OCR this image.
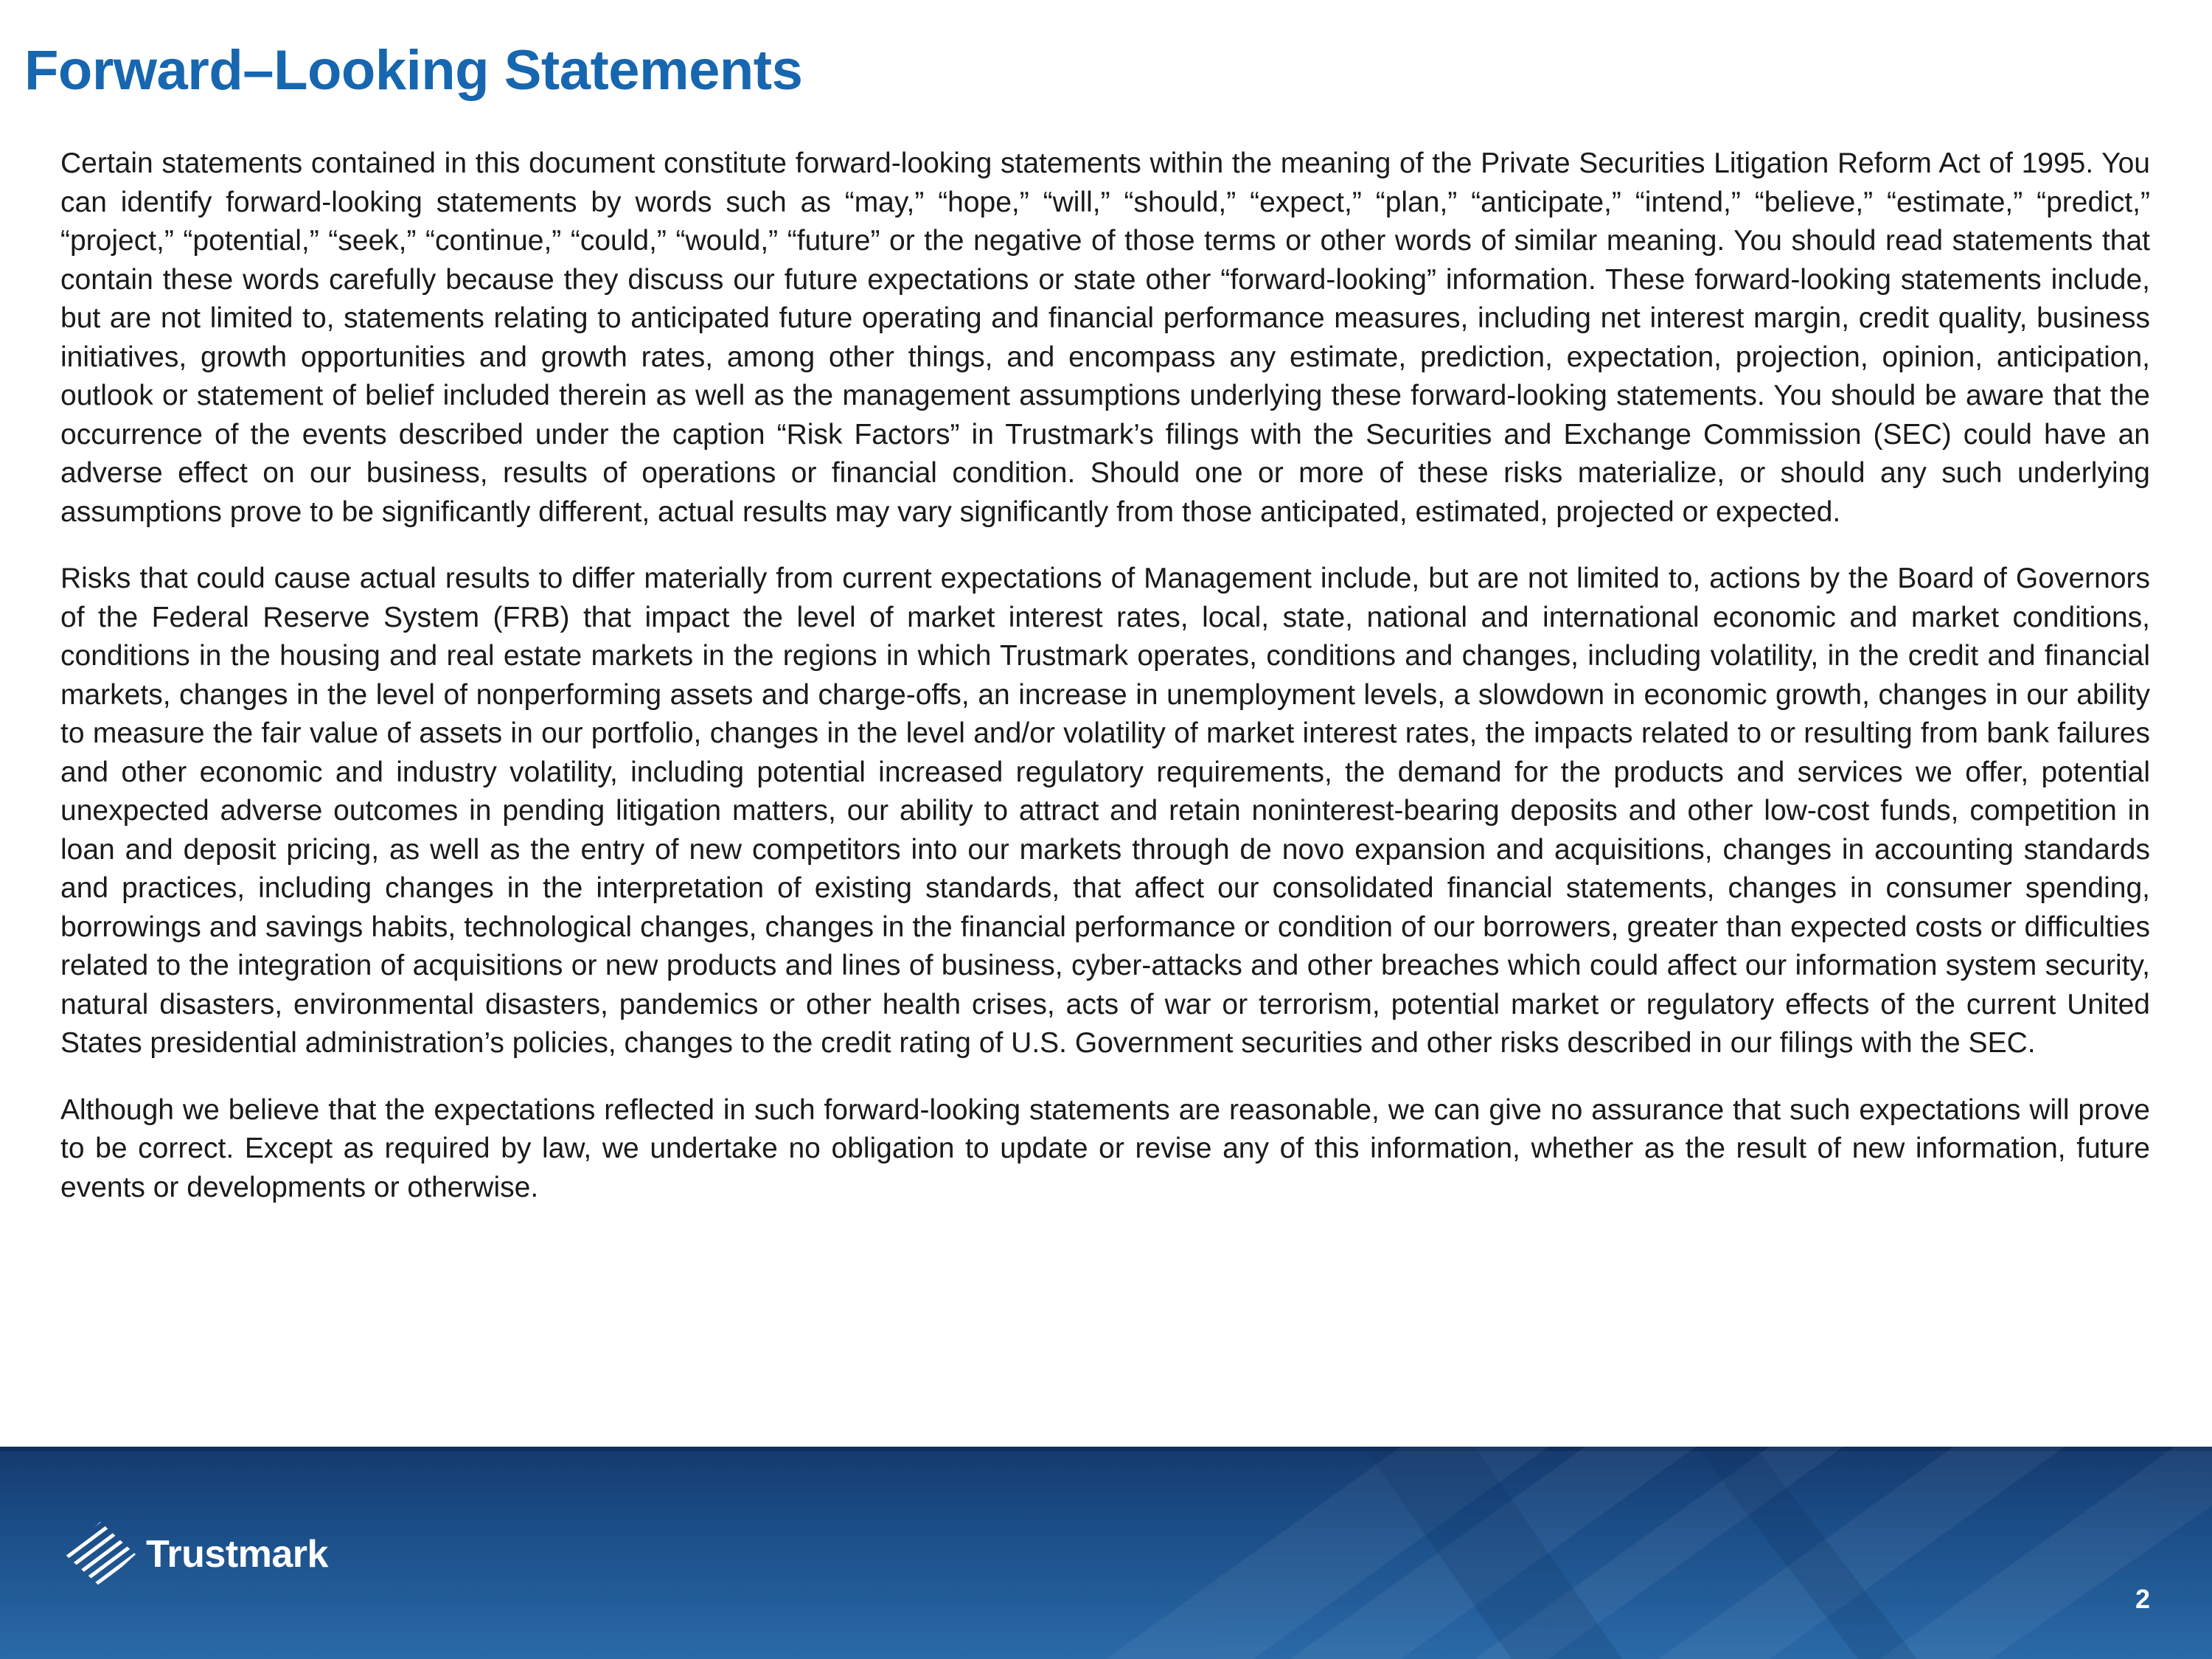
Forward–Looking Statements

Certain statements contained in this document constitute forward-looking statements within the meaning of the Private Securities Litigation Reform Act of 1995. You can identify forward-looking statements by words such as “may,” “hope,” “will,” “should,” “expect,” “plan,” “anticipate,” “intend,” “believe,” “estimate,” “predict,” “project,” “potential,” “seek,” “continue,” “could,” “would,” “future” or the negative of those terms or other words of similar meaning. You should read statements that contain these words carefully because they discuss our future expectations or state other “forward-looking” information. These forward-looking statements include, but are not limited to, statements relating to anticipated future operating and financial performance measures, including net interest margin, credit quality, business initiatives, growth opportunities and growth rates, among other things, and encompass any estimate, prediction, expectation, projection, opinion, anticipation, outlook or statement of belief included therein as well as the management assumptions underlying these forward-looking statements. You should be aware that the occurrence of the events described under the caption “Risk Factors” in Trustmark’s filings with the Securities and Exchange Commission (SEC) could have an adverse effect on our business, results of operations or financial condition. Should one or more of these risks materialize, or should any such underlying assumptions prove to be significantly different, actual results may vary significantly from those anticipated, estimated, projected or expected.

Risks that could cause actual results to differ materially from current expectations of Management include, but are not limited to, actions by the Board of Governors of the Federal Reserve System (FRB) that impact the level of market interest rates, local, state, national and international economic and market conditions, conditions in the housing and real estate markets in the regions in which Trustmark operates, conditions and changes, including volatility, in the credit and financial markets, changes in the level of nonperforming assets and charge-offs, an increase in unemployment levels, a slowdown in economic growth, changes in our ability to measure the fair value of assets in our portfolio, changes in the level and/or volatility of market interest rates, the impacts related to or resulting from bank failures and other economic and industry volatility, including potential increased regulatory requirements, the demand for the products and services we offer, potential unexpected adverse outcomes in pending litigation matters, our ability to attract and retain noninterest-bearing deposits and other low-cost funds, competition in loan and deposit pricing, as well as the entry of new competitors into our markets through de novo expansion and acquisitions, changes in accounting standards and practices, including changes in the interpretation of existing standards, that affect our consolidated financial statements, changes in consumer spending, borrowings and savings habits, technological changes, changes in the financial performance or condition of our borrowers, greater than expected costs or difficulties related to the integration of acquisitions or new products and lines of business, cyber-attacks and other breaches which could affect our information system security, natural disasters, environmental disasters, pandemics or other health crises, acts of war or terrorism, potential market or regulatory effects of the current United States presidential administration’s policies, changes to the credit rating of U.S. Government securities and other risks described in our filings with the SEC.

Although we believe that the expectations reflected in such forward-looking statements are reasonable, we can give no assurance that such expectations will prove to be correct. Except as required by law, we undertake no obligation to update or revise any of this information, whether as the result of new information, future events or developments or otherwise.

Trustmark
2
